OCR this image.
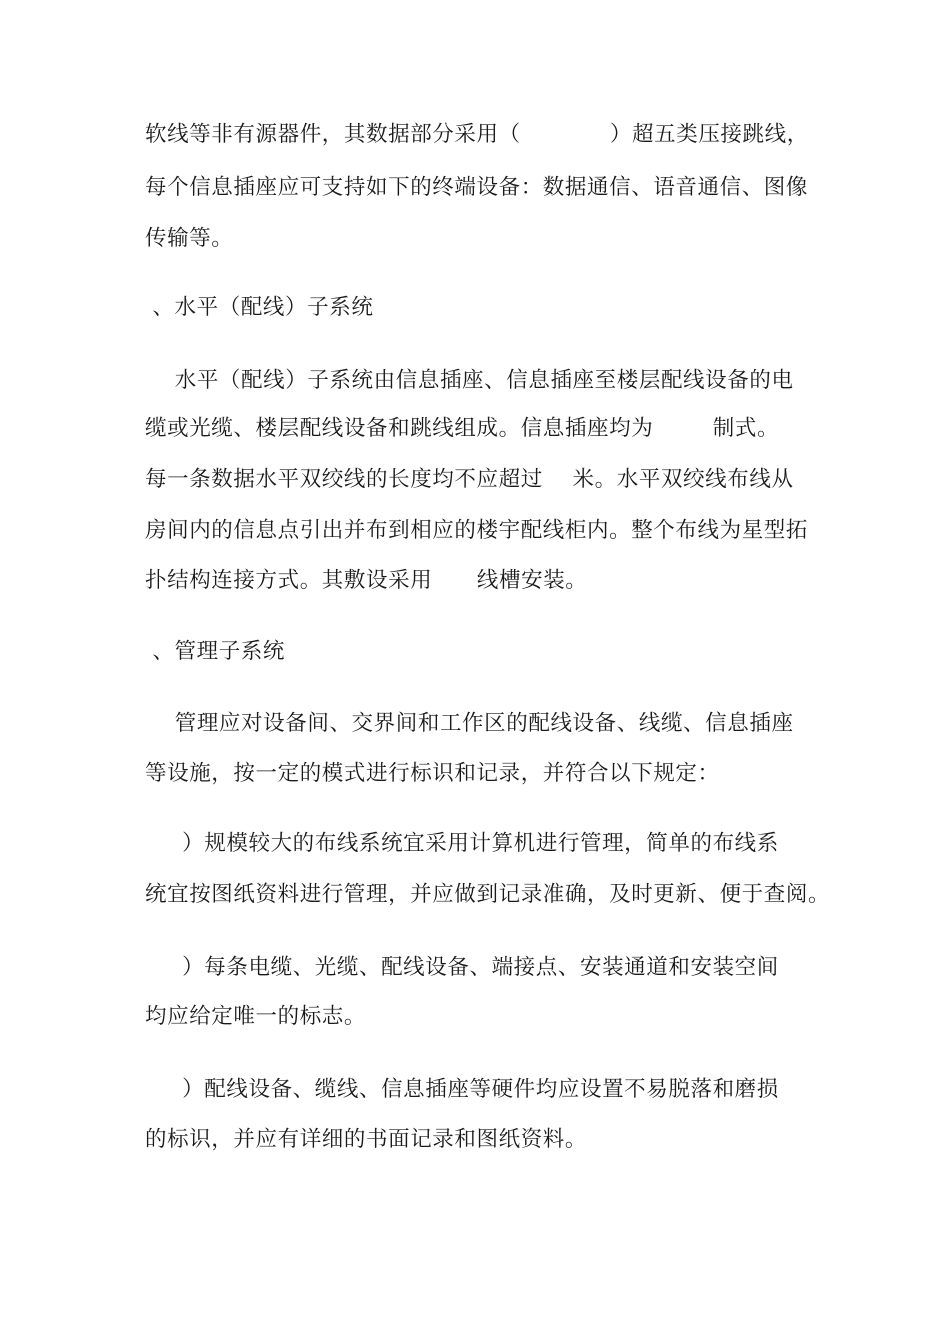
软线等非有源器件，其数据部分采用（            ）超五类压接跳线，
每个信息插座应可支持如下的终端设备：数据通信、语音通信、图像
传输等。
、水平（配线）子系统
水平（配线）子系统由信息插座、信息插座至楼层配线设备的电
缆或光缆、楼层配线设备和跳线组成。信息插座均为        制式。
每一条数据水平双绞线的长度均不应超过    米。水平双绞线布线从
房间内的信息点引出并布到相应的楼宇配线柜内。整个布线为星型拓
扑结构连接方式。其敷设采用      线槽安装。
、管理子系统
管理应对设备间、交界间和工作区的配线设备、线缆、信息插座
等设施，按一定的模式进行标识和记录，并符合以下规定：
）规模较大的布线系统宜采用计算机进行管理，简单的布线系
统宜按图纸资料进行管理，并应做到记录准确，及时更新、便于查阅。
）每条电缆、光缆、配线设备、端接点、安装通道和安装空间
均应给定唯一的标志。
）配线设备、缆线、信息插座等硬件均应设置不易脱落和磨损
的标识，并应有详细的书面记录和图纸资料。
